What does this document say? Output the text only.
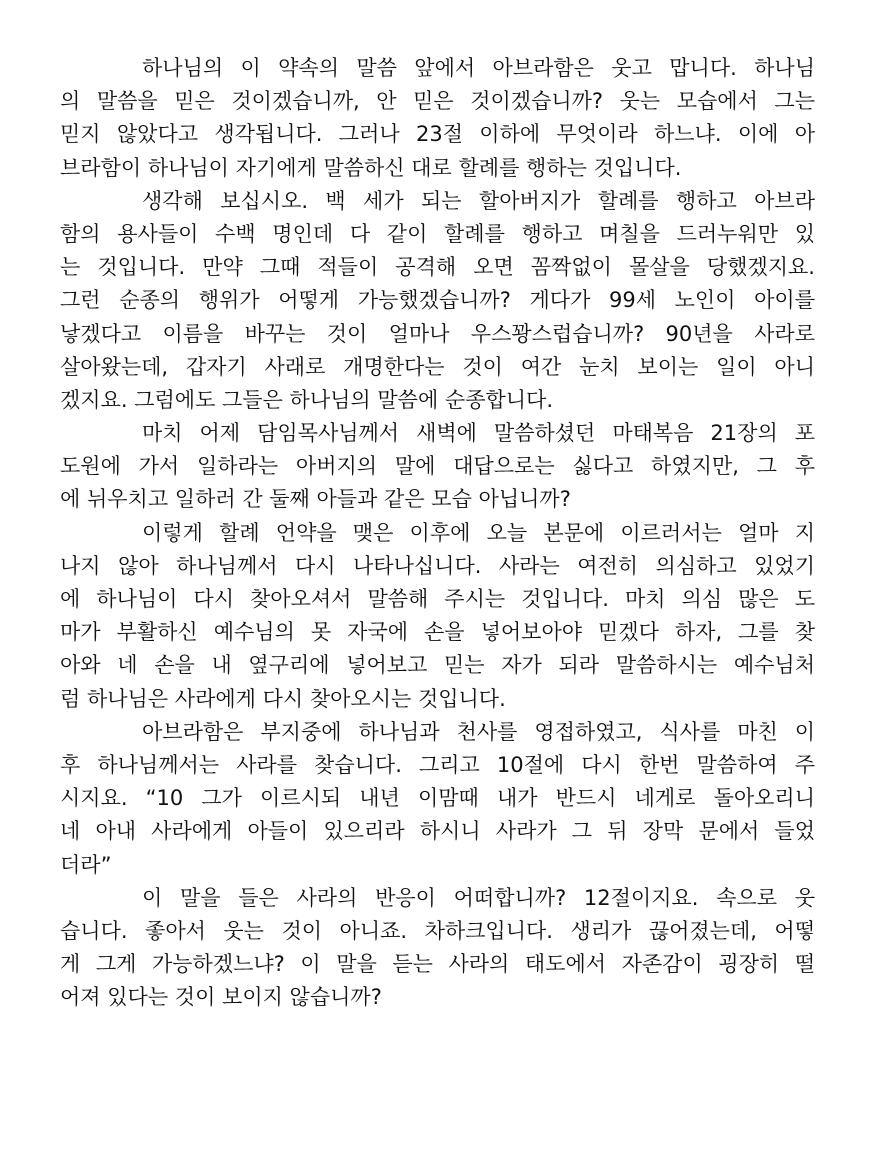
하나님의 이 약속의 말씀 앞에서 아브라함은 웃고 맙니다. 하나님
의 말씀을 믿은 것이겠습니까, 안 믿은 것이겠습니까? 웃는 모습에서 그는
믿지 않았다고 생각됩니다. 그러나 23절 이하에 무엇이라 하느냐. 이에 아
브라함이 하나님이 자기에게 말씀하신 대로 할례를 행하는 것입니다.
생각해 보십시오. 백 세가 되는 할아버지가 할례를 행하고 아브라
함의 용사들이 수백 명인데 다 같이 할례를 행하고 며칠을 드러누워만 있
는 것입니다. 만약 그때 적들이 공격해 오면 꼼짝없이 몰살을 당했겠지요.
그런 순종의 행위가 어떻게 가능했겠습니까? 게다가 99세 노인이 아이를
낳겠다고 이름을 바꾸는 것이 얼마나 우스꽝스럽습니까? 90년을 사라로
살아왔는데, 갑자기 사래로 개명한다는 것이 여간 눈치 보이는 일이 아니
겠지요. 그럼에도 그들은 하나님의 말씀에 순종합니다.
마치 어제 담임목사님께서 새벽에 말씀하셨던 마태복음 21장의 포
도원에 가서 일하라는 아버지의 말에 대답으로는 싫다고 하였지만, 그 후
에 뉘우치고 일하러 간 둘째 아들과 같은 모습 아닙니까?
이렇게 할례 언약을 맺은 이후에 오늘 본문에 이르러서는 얼마 지
나지 않아 하나님께서 다시 나타나십니다. 사라는 여전히 의심하고 있었기
에 하나님이 다시 찾아오셔서 말씀해 주시는 것입니다. 마치 의심 많은 도
마가 부활하신 예수님의 못 자국에 손을 넣어보아야 믿겠다 하자, 그를 찾
아와 네 손을 내 옆구리에 넣어보고 믿는 자가 되라 말씀하시는 예수님처
럼 하나님은 사라에게 다시 찾아오시는 것입니다.
아브라함은 부지중에 하나님과 천사를 영접하였고, 식사를 마친 이
후 하나님께서는 사라를 찾습니다. 그리고 10절에 다시 한번 말씀하여 주
시지요. “10 그가 이르시되 내년 이맘때 내가 반드시 네게로 돌아오리니
네 아내 사라에게 아들이 있으리라 하시니 사라가 그 뒤 장막 문에서 들었
더라”
이 말을 들은 사라의 반응이 어떠합니까? 12절이지요. 속으로 웃
습니다. 좋아서 웃는 것이 아니죠. 차하크입니다. 생리가 끊어졌는데, 어떻
게 그게 가능하겠느냐? 이 말을 듣는 사라의 태도에서 자존감이 굉장히 떨
어져 있다는 것이 보이지 않습니까?
